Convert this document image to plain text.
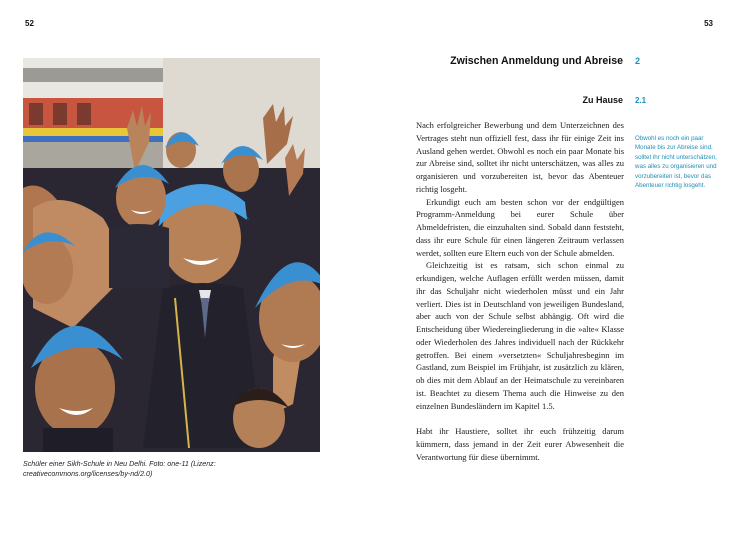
52	53
Schüler einer Sikh-Schule in Neu Delhi. Foto: one-11 (Lizenz: creativecommons.org/licenses/by-nd/2.0)
Zwischen Anmeldung und Abreise 2
Zu Hause 2.1

Nach erfolgreicher Bewerbung und dem Unterzeichnen des Vertrages steht nun offiziell fest, dass ihr für einige Zeit ins Ausland gehen werdet. Obwohl es noch ein paar Monate bis zur Abreise sind, solltet ihr nicht unterschätzen, was alles zu organisieren und vorzubereiten ist, bevor das Abenteuer richtig losgeht.

Erkundigt euch am besten schon vor der endgültigen Programm-Anmeldung bei eurer Schule über Abmeldefristen, die einzuhalten sind. Sobald dann feststeht, dass ihr eure Schule für einen längeren Zeitraum verlassen werdet, sollten eure Eltern euch von der Schule abmelden.

Gleichzeitig ist es ratsam, sich schon einmal zu erkundigen, welche Auflagen erfüllt werden müssen, damit ihr das Schuljahr nicht wiederholen müsst und ein Jahr verliert. Dies ist in Deutschland von jeweiligen Bundesland, aber auch von der Schule selbst abhängig. Oft wird die Entscheidung über Wiedereingliederung in die »alte« Klasse oder Wiederholen des Jahres individuell nach der Rückkehr getroffen. Bei einem »versetzten« Schuljahresbeginn im Gastland, zum Beispiel im Frühjahr, ist zusätzlich zu klären, ob dies mit dem Ablauf an der Heimatschule zu vereinbaren ist. Beachtet zu diesem Thema auch die Hinweise zu den einzelnen Bundesländern im Kapitel 1.5.

Habt ihr Haustiere, solltet ihr euch frühzeitig darum kümmern, dass jemand in der Zeit eurer Abwesenheit die Verantwortung für diese übernimmt.

Obwohl es noch ein paar Monate bis zur Abreise sind, solltet ihr nicht unterschätzen, was alles zu organisieren und vorzubereiten ist, bevor das Abenteuer richtig losgeht.
